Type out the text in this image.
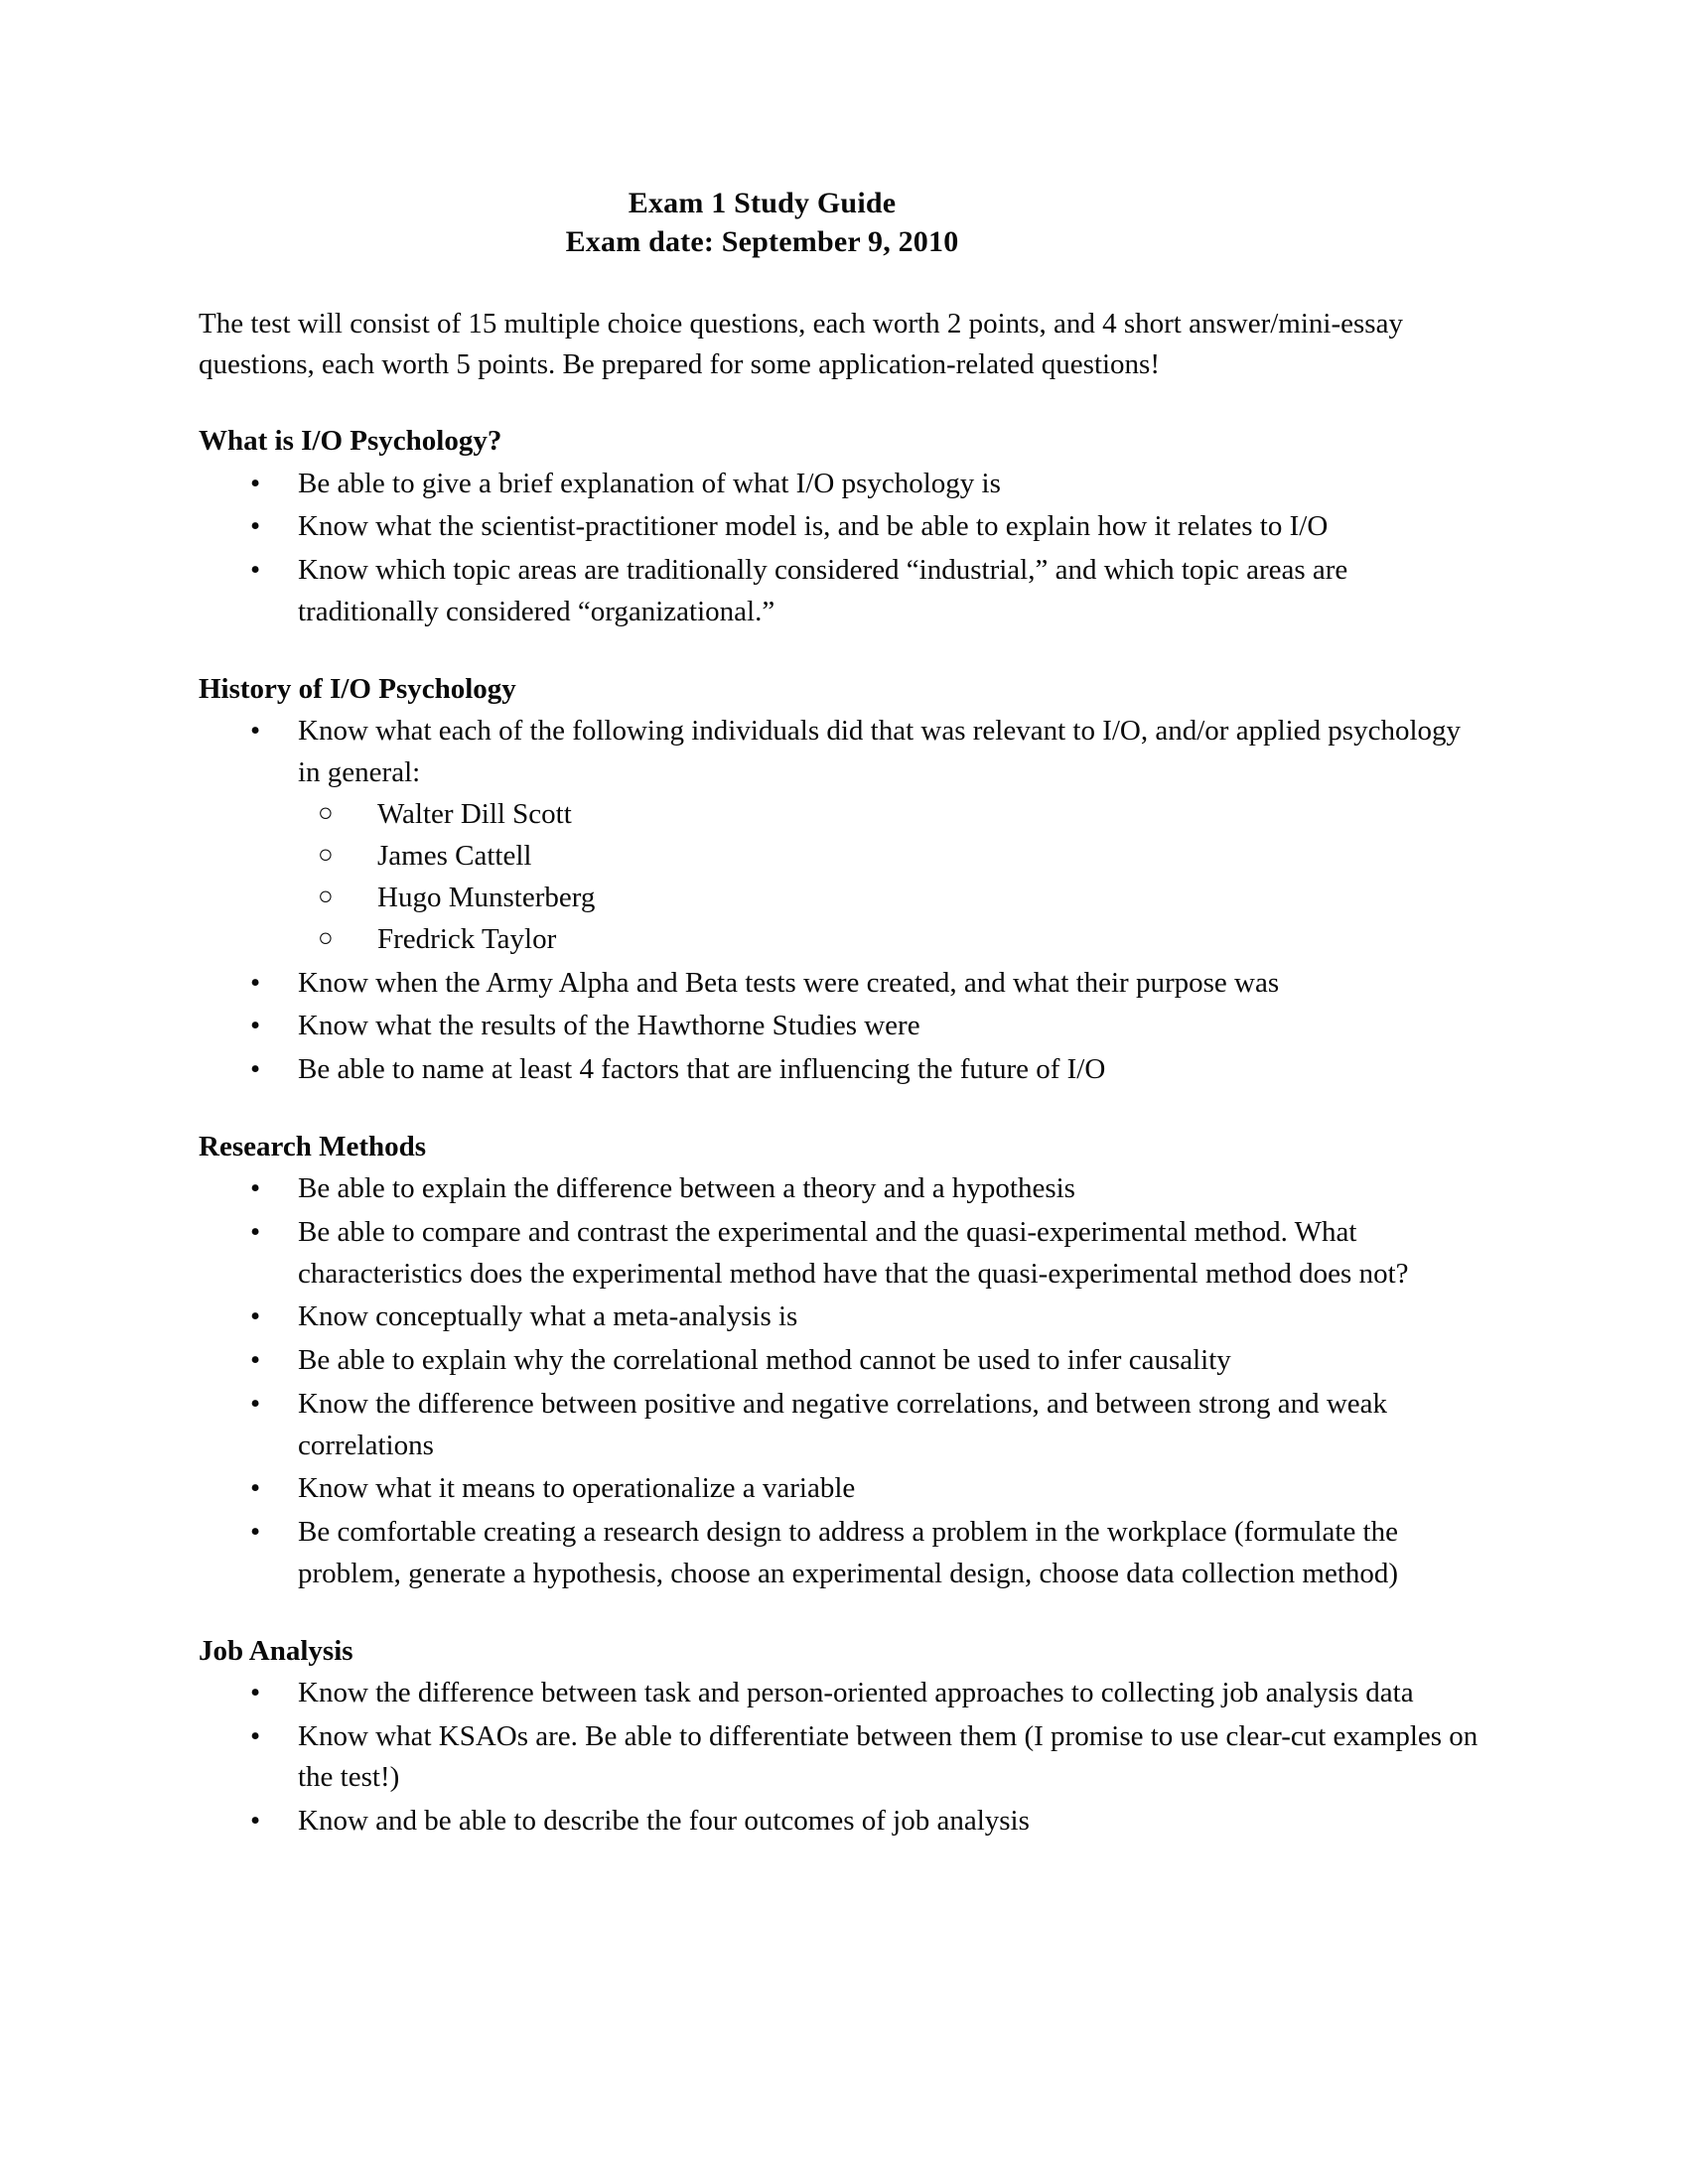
Exam 1 Study Guide
Exam date: September 9, 2010

The test will consist of 15 multiple choice questions, each worth 2 points, and 4 short answer/mini-essay questions, each worth 5 points. Be prepared for some application-related questions!

What is I/O Psychology?
•	Be able to give a brief explanation of what I/O psychology is
•	Know what the scientist-practitioner model is, and be able to explain how it relates to I/O
•	Know which topic areas are traditionally considered “industrial,” and which topic areas are traditionally considered “organizational.”
History of I/O Psychology
•	Know what each of the following individuals did that was relevant to I/O, and/or applied psychology in general:
○ Walter Dill Scott
○ James Cattell
○ Hugo Munsterberg
○ Fredrick Taylor
•	Know when the Army Alpha and Beta tests were created, and what their purpose was
•	Know what the results of the Hawthorne Studies were
•	Be able to name at least 4 factors that are influencing the future of I/O
Research Methods
•	Be able to explain the difference between a theory and a hypothesis
•	Be able to compare and contrast the experimental and the quasi-experimental method. What characteristics does the experimental method have that the quasi-experimental method does not?
•	Know conceptually what a meta-analysis is
•	Be able to explain why the correlational method cannot be used to infer causality
•	Know the difference between positive and negative correlations, and between strong and weak correlations
•	Know what it means to operationalize a variable
•	Be comfortable creating a research design to address a problem in the workplace (formulate the problem, generate a hypothesis, choose an experimental design, choose data collection method)
Job Analysis
•	Know the difference between task and person-oriented approaches to collecting job analysis data
•	Know what KSAOs are. Be able to differentiate between them (I promise to use clear-cut examples on the test!)
•	Know and be able to describe the four outcomes of job analysis
